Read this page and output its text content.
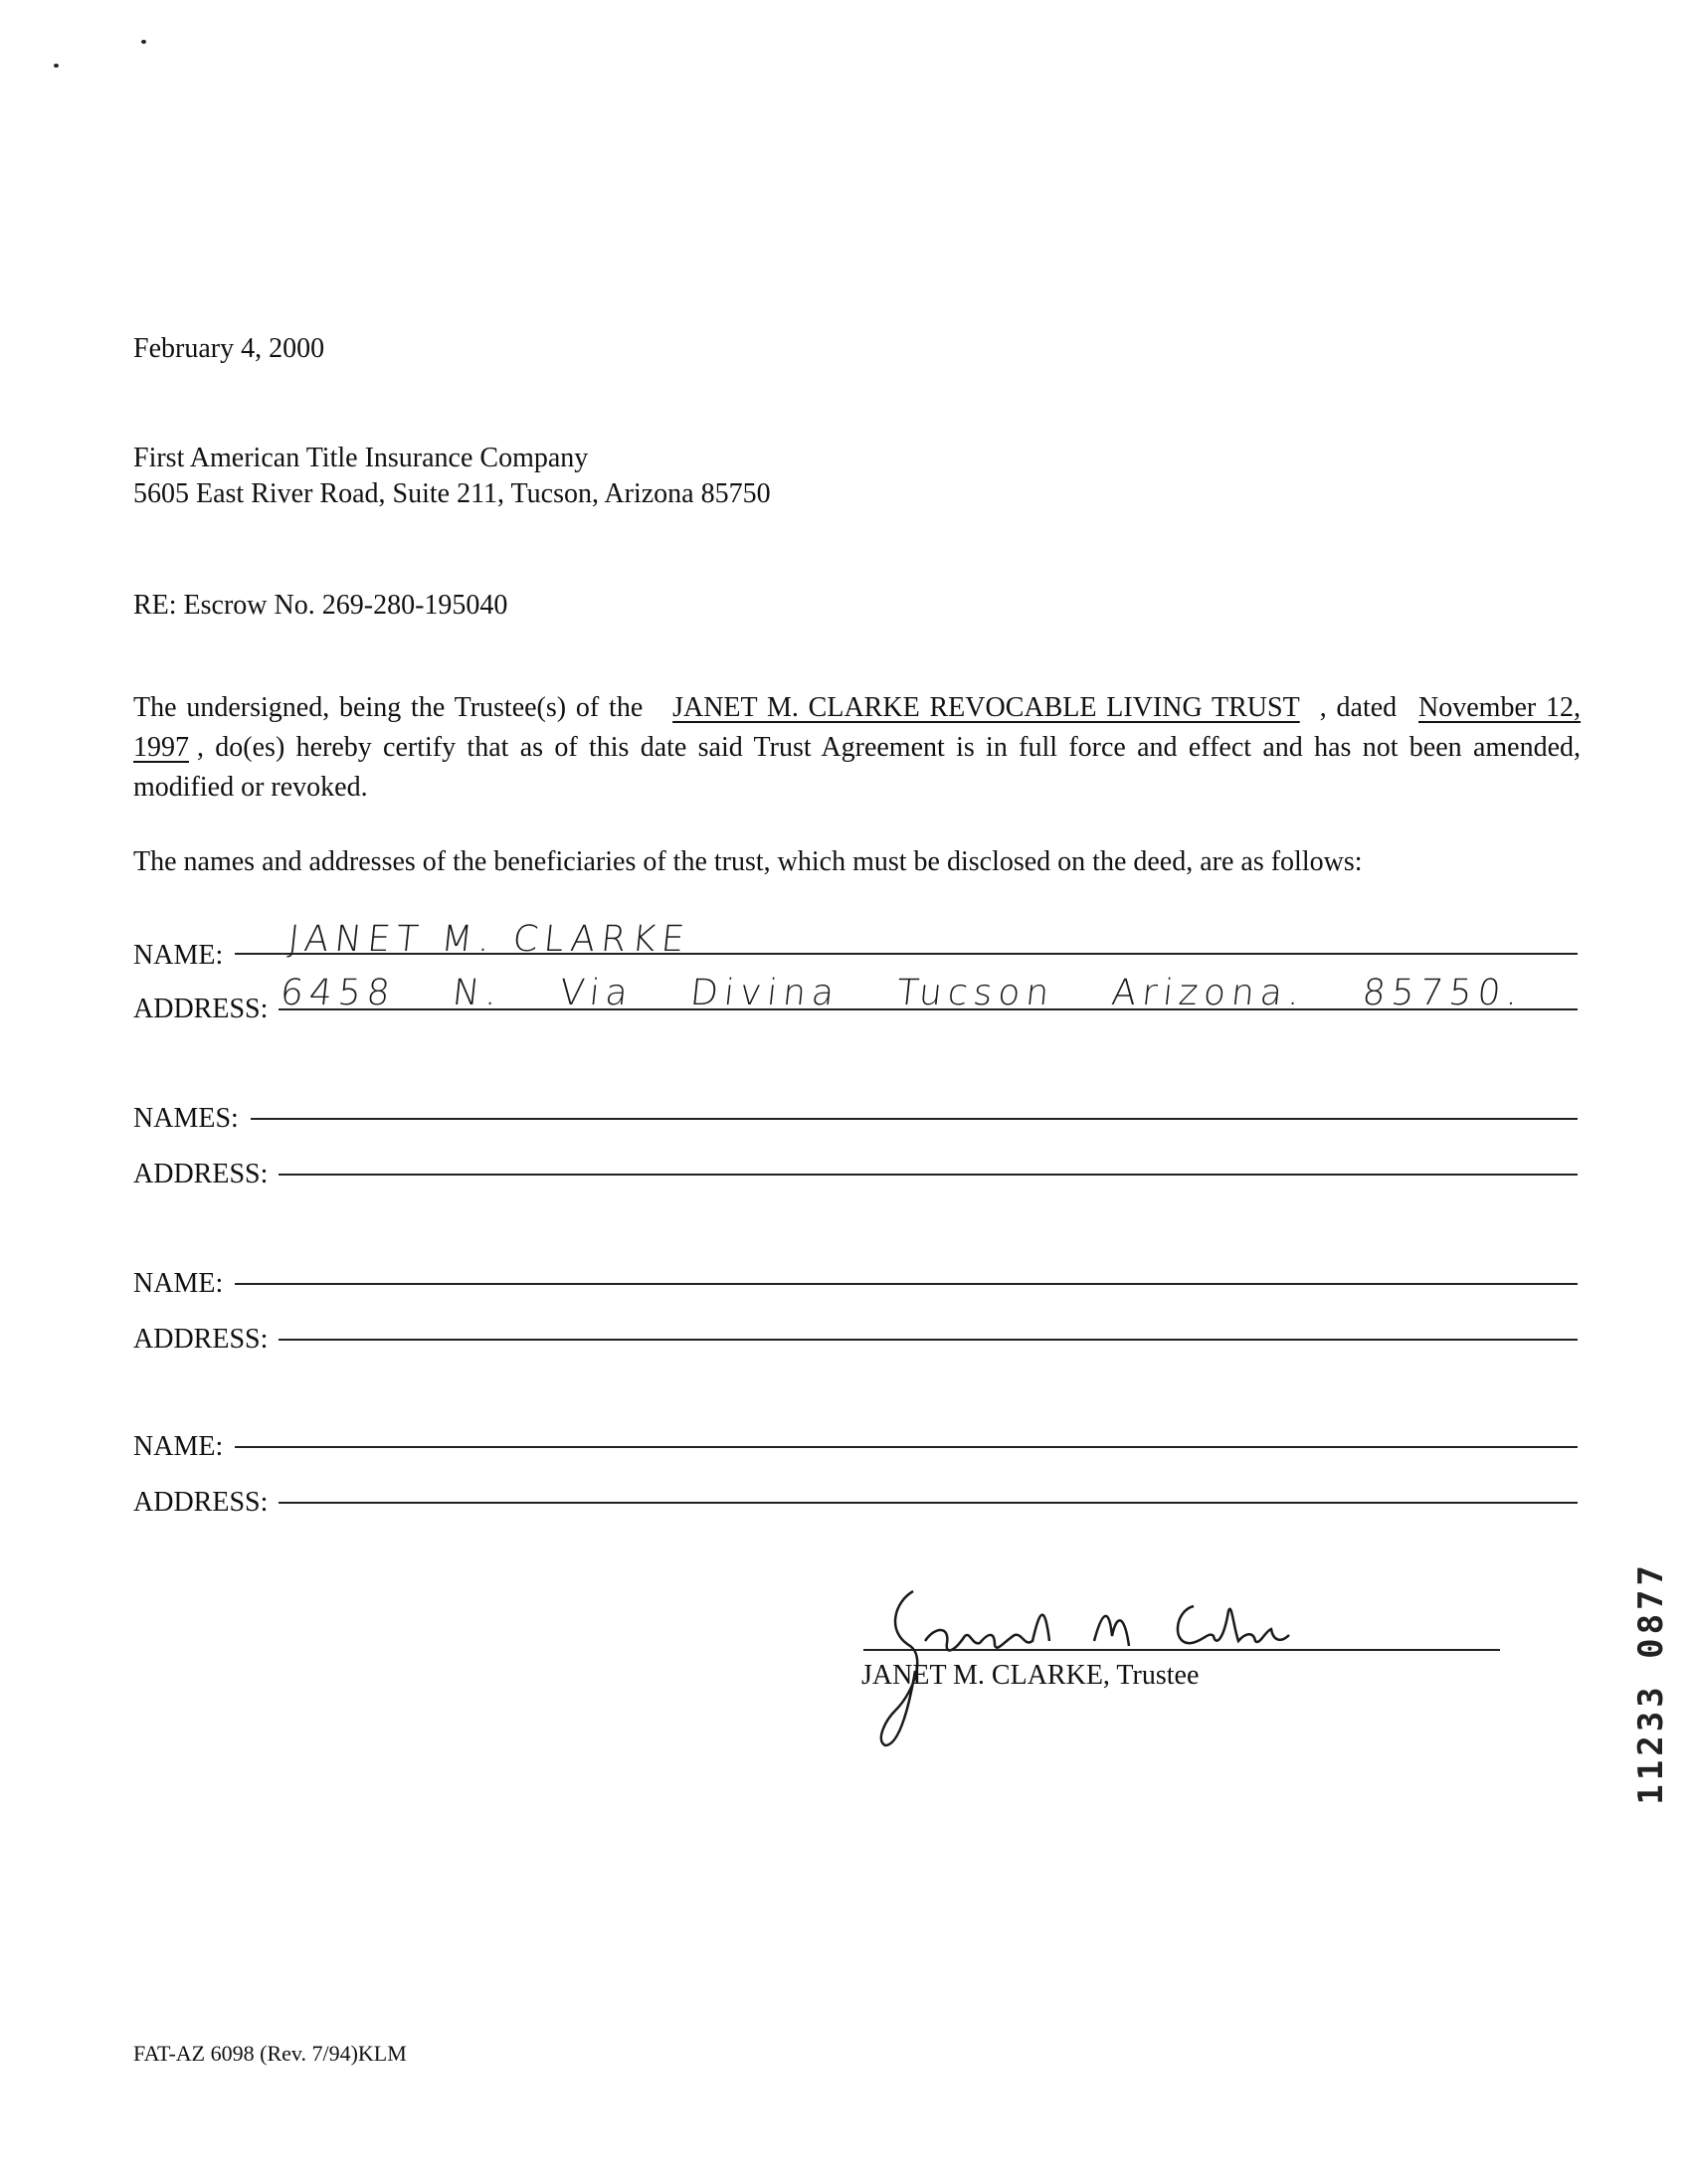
February 4, 2000
First American Title Insurance Company
5605 East River Road, Suite 211, Tucson, Arizona 85750
RE: Escrow No. 269-280-195040
The undersigned, being the Trustee(s) of the JANET M. CLARKE REVOCABLE LIVING TRUST , dated November 12, 1997 , do(es) hereby certify that as of this date said Trust Agreement is in full force and effect and has not been amended, modified or revoked.
The names and addresses of the beneficiaries of the trust, which must be disclosed on the deed, are as follows:
NAME: JANET M. CLARKE
ADDRESS: 6458 N. Via Divina Tucson Arizona. 85750.
NAMES:
ADDRESS:
NAME:
ADDRESS:
NAME:
ADDRESS:
JANET M. CLARKE, Trustee	11233 0877
FAT-AZ 6098 (Rev. 7/94)KLM
